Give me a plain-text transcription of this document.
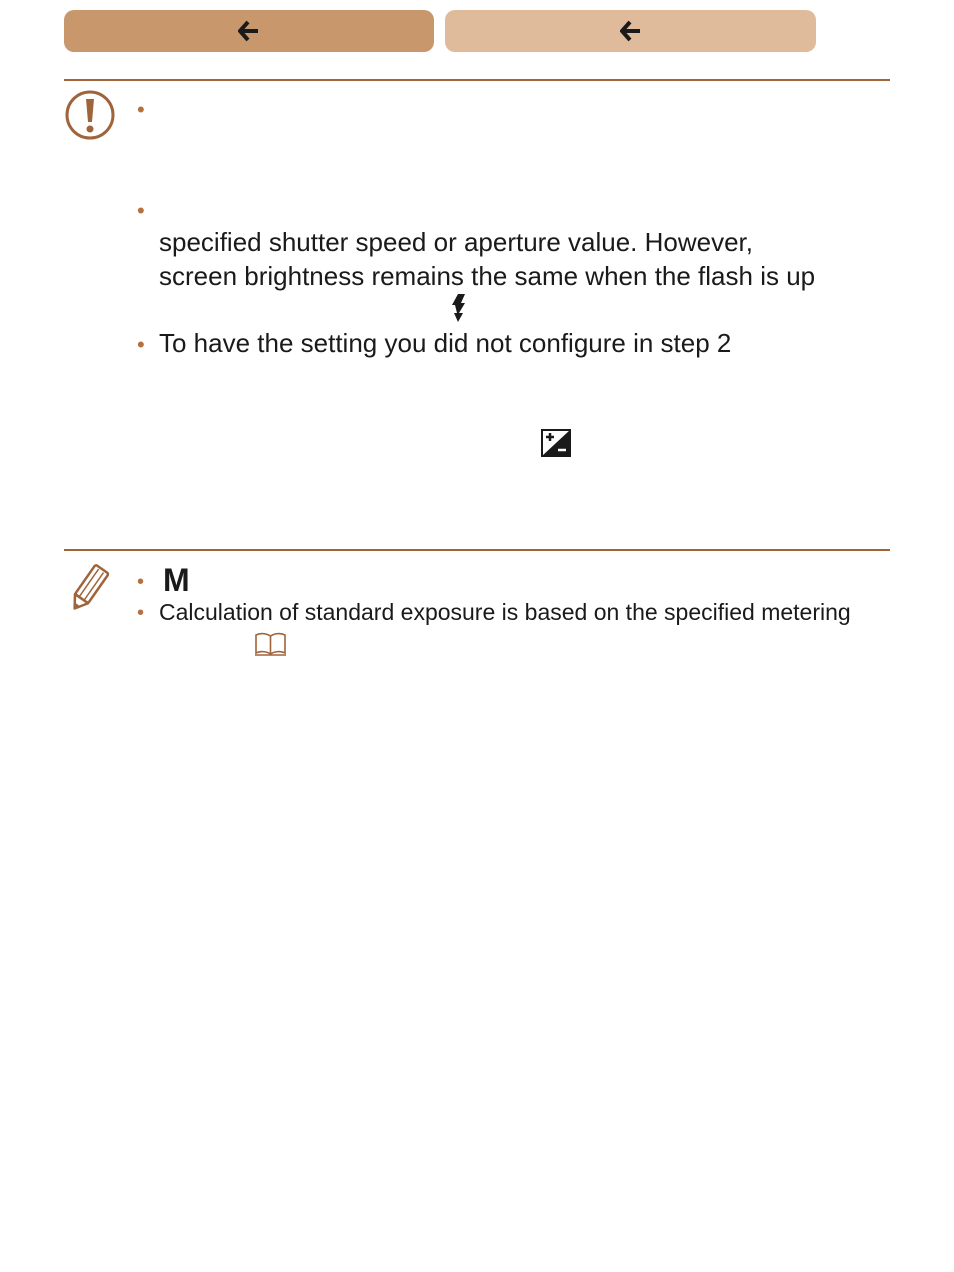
•
•
specified shutter speed or aperture value. However,
screen brightness remains the same when the flash is up
• To have the setting you did not configure in step 2
• M
• Calculation of standard exposure is based on the specified metering
